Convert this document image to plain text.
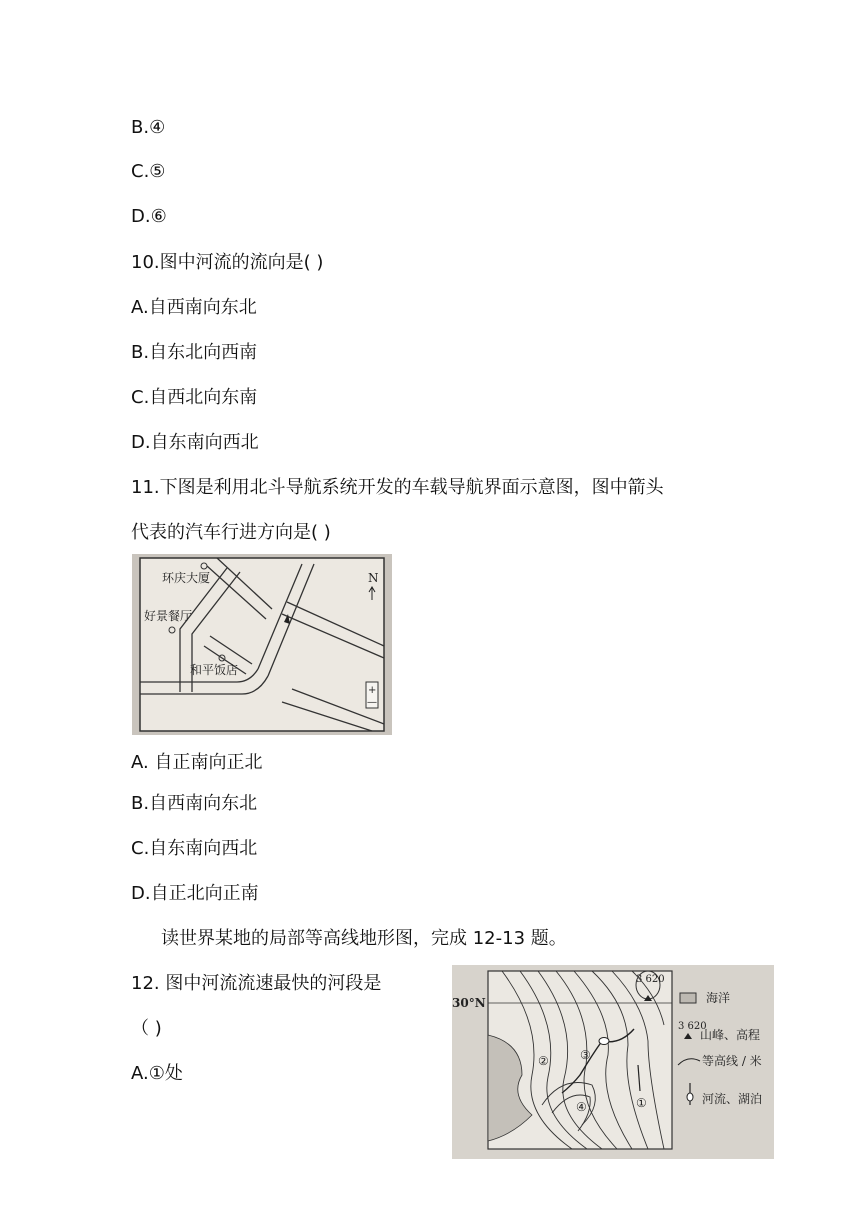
B.④
C.⑤
D.⑥
10.图中河流的流向是( )
A.自西南向东北
B.自东北向西南
C.自西北向东南
D.自东南向西北
11.下图是利用北斗导航系统开发的车载导航界面示意图，图中箭头
代表的汽车行进方向是( )
环庆大厦
好景餐厅
和平饭店
N
+
—
A. 自正南向正北
B.自西南向东北
C.自东南向西北
D.自正北向正南
读世界某地的局部等高线地形图，完成 12-13 题。
12. 图中河流流速最快的河段是
（ )
A.①处
30°N
3 620
①
②	③
④
海洋
3 620
山峰、高程
等高线 / 米
河流、湖泊
